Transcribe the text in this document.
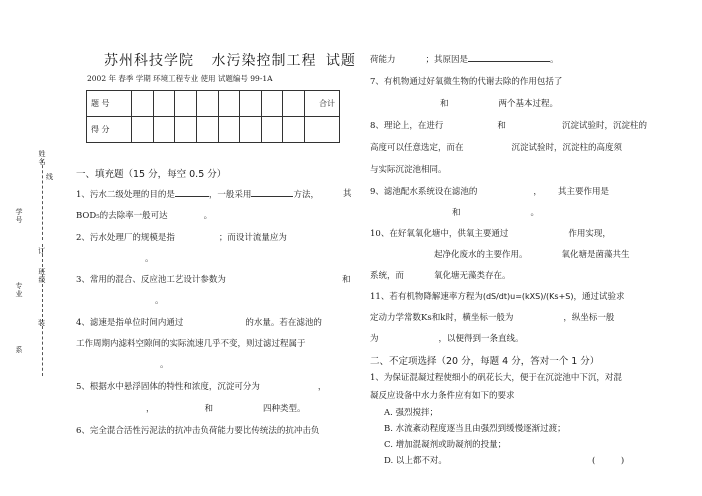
姓 名
学 号
班 级
专 业
系
线
订
装
苏州科技学院 水污染控制工程 试题
2002 年 春季 学期 环境工程专业 使用 试题编号 99-1A
题 号									合计
得 分									
一、填充题（15 分，每空 0.5 分）
1、污水二级处理的目的是	，一般采用	方法，	其
BOD₅的去除率一般可达	。
2、污水处理厂的规模是指	；而设计流量应为
。
3、常用的混合、反应池工艺设计参数为	和
。
4、滤速是指单位时间内通过	的水量。若在滤池的
工作周期内滤料空隙间的实际流速几乎不变，则过滤过程属于
。
5、根据水中悬浮固体的特性和浓度，沉淀可分为	，
，	和	四种类型。
6、完全混合活性污泥法的抗冲击负荷能力要比传统法的抗冲击负
荷能力	；其原因是	。
7、有机物通过好氧微生物的代谢去除的作用包括了
和	两个基本过程。
8、理论上，在进行	和	沉淀试验时，沉淀柱的
高度可以任意选定，而在	沉淀试验时，沉淀柱的高度须
与实际沉淀池相同。
9、滤池配水系统设在滤池的	， 其主要作用是
和	。
10、在好氧氧化塘中，供氧主要通过	作用实现，
起净化废水的主要作用。	氧化塘是菌藻共生
系统，而	氧化塘无藻类存在。
11、若有机物降解速率方程为(dS/dt)u=(kXS)/(Ks+S)，通过试验求
定动力学常数Ks和k时，横坐标一般为	，纵坐标一般
为	，以便得到一条直线。
二、不定项选择（20 分，每题 4 分，答对一个 1 分）
1、为保证混凝过程使细小的矾花长大，便于在沉淀池中下沉，对混
凝反应设备中水力条件应有如下的要求
A. 强烈搅拌；
B. 水流紊动程度逐当且由强烈到缓慢逐渐过渡；
C. 增加混凝剂或助凝剂的投量；
D. 以上都不对。	(　　　)
